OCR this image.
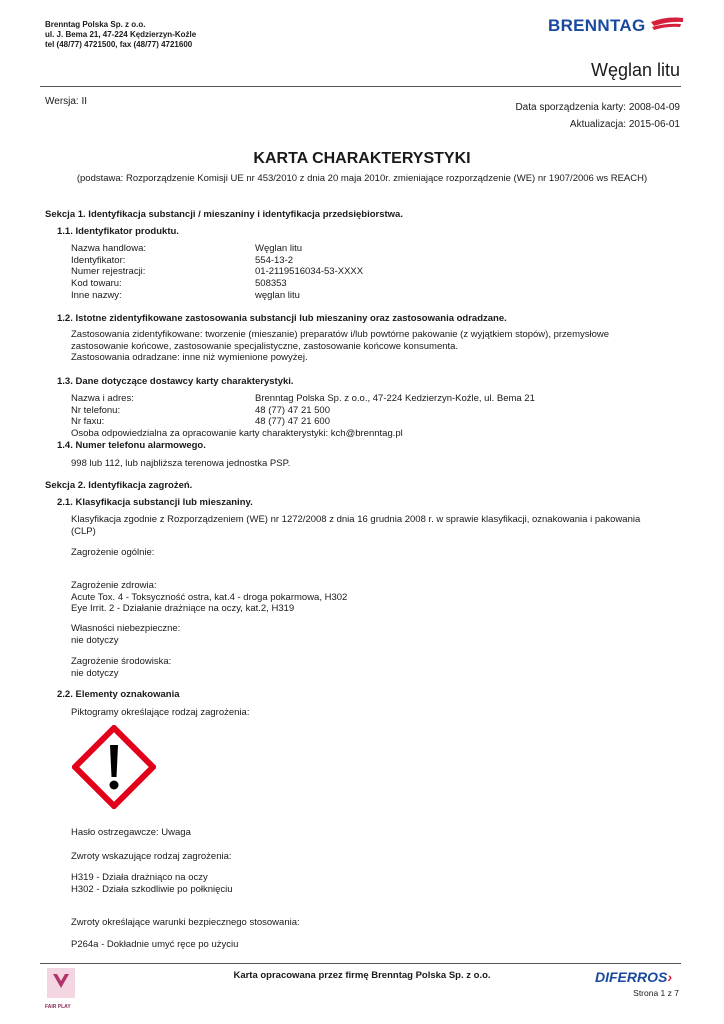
Brenntag Polska Sp. z o.o.
ul. J. Bema 21, 47-224 Kędzierzyn-Koźle
tel (48/77) 4721500, fax (48/77) 4721600
BRENNTAG
Węglan litu
Wersja: II
Data sporządzenia karty: 2008-04-09
Aktualizacja: 2015-06-01
KARTA CHARAKTERYSTYKI
(podstawa: Rozporządzenie Komisji UE nr 453/2010 z dnia 20 maja 2010r. zmieniające rozporządzenie (WE) nr 1907/2006 ws REACH)
Sekcja 1. Identyfikacja substancji / mieszaniny i identyfikacja przedsiębiorstwa.
1.1. Identyfikator produktu.
Nazwa handlowa:	Węglan litu
Identyfikator:	554-13-2
Numer rejestracji:	01-2119516034-53-XXXX
Kod towaru:	508353
Inne nazwy:	węglan litu
1.2. Istotne zidentyfikowane zastosowania substancji lub mieszaniny oraz zastosowania odradzane.
Zastosowania zidentyfikowane: tworzenie (mieszanie) preparatów i/lub powtórne pakowanie (z wyjątkiem stopów), przemysłowe
zastosowanie końcowe, zastosowanie specjalistyczne, zastosowanie końcowe konsumenta.
Zastosowania odradzane: inne niż wymienione powyżej.
1.3. Dane dotyczące dostawcy karty charakterystyki.
Nazwa i adres:	Brenntag Polska Sp. z o.o., 47-224 Kedzierzyn-Koźle, ul. Bema 21
Nr telefonu:	48 (77) 47 21 500
Nr faxu:	48 (77) 47 21 600
Osoba odpowiedzialna za opracowanie karty charakterystyki: kch@brenntag.pl
1.4. Numer telefonu alarmowego.
998 lub 112, lub najbliższa terenowa jednostka PSP.
Sekcja 2. Identyfikacja zagrożeń.
2.1. Klasyfikacja substancji lub mieszaniny.
Klasyfikacja zgodnie z Rozporządzeniem (WE) nr 1272/2008 z dnia 16 grudnia 2008 r. w sprawie klasyfikacji, oznakowania i pakowania
(CLP)
Zagrożenie ogólnie:
Zagrożenie zdrowia:
Acute Tox. 4 - Toksyczność ostra, kat.4 - droga pokarmowa, H302
Eye Irrit. 2 - Działanie drażniące na oczy, kat.2, H319
Własności niebezpieczne:
nie dotyczy
Zagrożenie środowiska:
nie dotyczy
2.2. Elementy oznakowania
Piktogramy określające rodzaj zagrożenia:
Hasło ostrzegawcze: Uwaga
Zwroty wskazujące rodzaj zagrożenia:
H319 - Działa drażniąco na oczy
H302 - Działa szkodliwie po połknięciu
Zwroty określające warunki bezpiecznego stosowania:
P264a - Dokładnie umyć ręce po użyciu
FAIR PLAY
Karta opracowana przez firmę Brenntag Polska Sp. z o.o.	DIFERROS›
Strona 1 z 7
